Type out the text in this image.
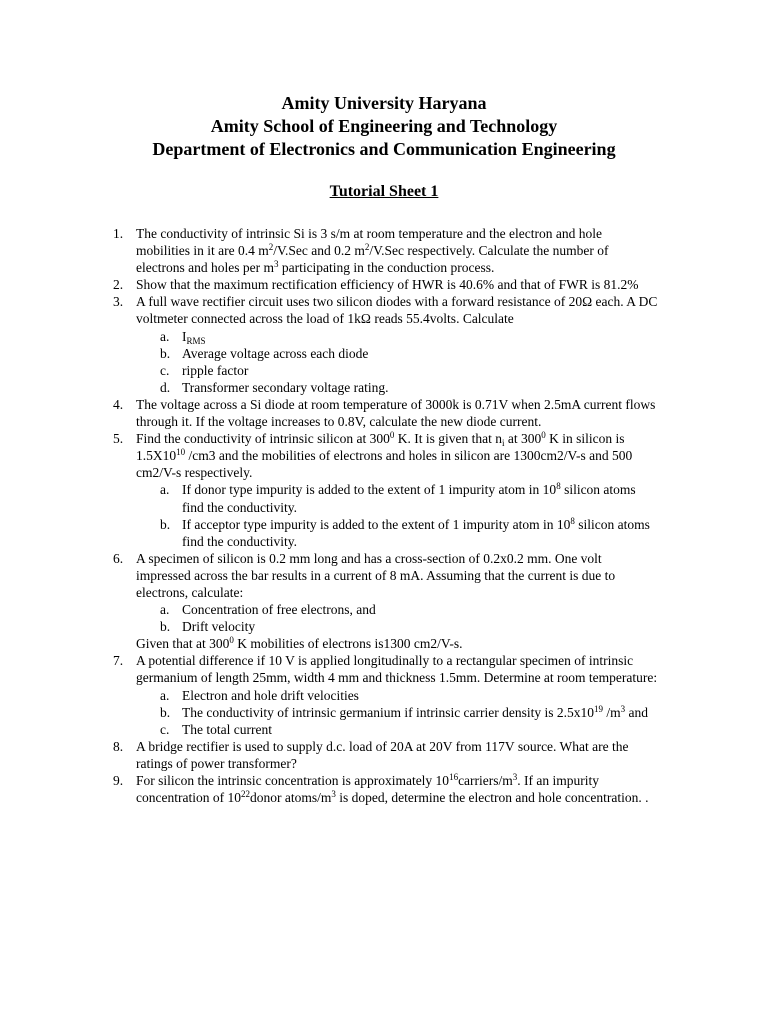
Amity University Haryana
Amity School of Engineering and Technology
Department of Electronics and Communication Engineering
Tutorial Sheet 1
1. The conductivity of intrinsic Si is 3 s/m at room temperature and the electron and hole mobilities in it are 0.4 $m^2/V.Sec$ and 0.2 $m^2/V.Sec$ respectively. Calculate the number of electrons and holes per $m^3$ participating in the conduction process.
2. Show that the maximum rectification efficiency of HWR is 40.6% and that of FWR is 81.2%
3. A full wave rectifier circuit uses two silicon diodes with a forward resistance of 20Ω each. A DC voltmeter connected across the load of 1kΩ reads 55.4volts. Calculate
a. $I_{RMS}$
b. Average voltage across each diode
c. ripple factor
d. Transformer secondary voltage rating.
4. The voltage across a Si diode at room temperature of 3000k is 0.71V when 2.5mA current flows through it. If the voltage increases to 0.8V, calculate the new diode current.
5. Find the conductivity of intrinsic silicon at $300^0$ K. It is given that $n_i$ at $300^0$ K in silicon is $1.5X10^{10}$ /cm3 and the mobilities of electrons and holes in silicon are 1300cm2/V-s and 500 cm2/V-s respectively.
a. If donor type impurity is added to the extent of 1 impurity atom in $10^8$ silicon atoms find the conductivity.
b. If acceptor type impurity is added to the extent of 1 impurity atom in $10^8$ silicon atoms find the conductivity.
6. A specimen of silicon is 0.2 mm long and has a cross-section of 0.2x0.2 mm. One volt impressed across the bar results in a current of 8 mA. Assuming that the current is due to electrons, calculate:
a. Concentration of free electrons, and
b. Drift velocity
Given that at $300^0$ K mobilities of electrons is1300 cm2/V-s.
7. A potential difference if 10 V is applied longitudinally to a rectangular specimen of intrinsic germanium of length 25mm, width 4 mm and thickness 1.5mm. Determine at room temperature:
a. Electron and hole drift velocities
b. The conductivity of intrinsic germanium if intrinsic carrier density is $2.5x10^{19}$ $/m^3$ and
c. The total current
8. A bridge rectifier is used to supply d.c. load of 20A at 20V from 117V source. What are the ratings of power transformer?
9. For silicon the intrinsic concentration is approximately $10^{16}carriers/m^3$. If an impurity concentration of $10^{22}donor$ atoms/$m^3$ is doped, determine the electron and hole concentration. .
